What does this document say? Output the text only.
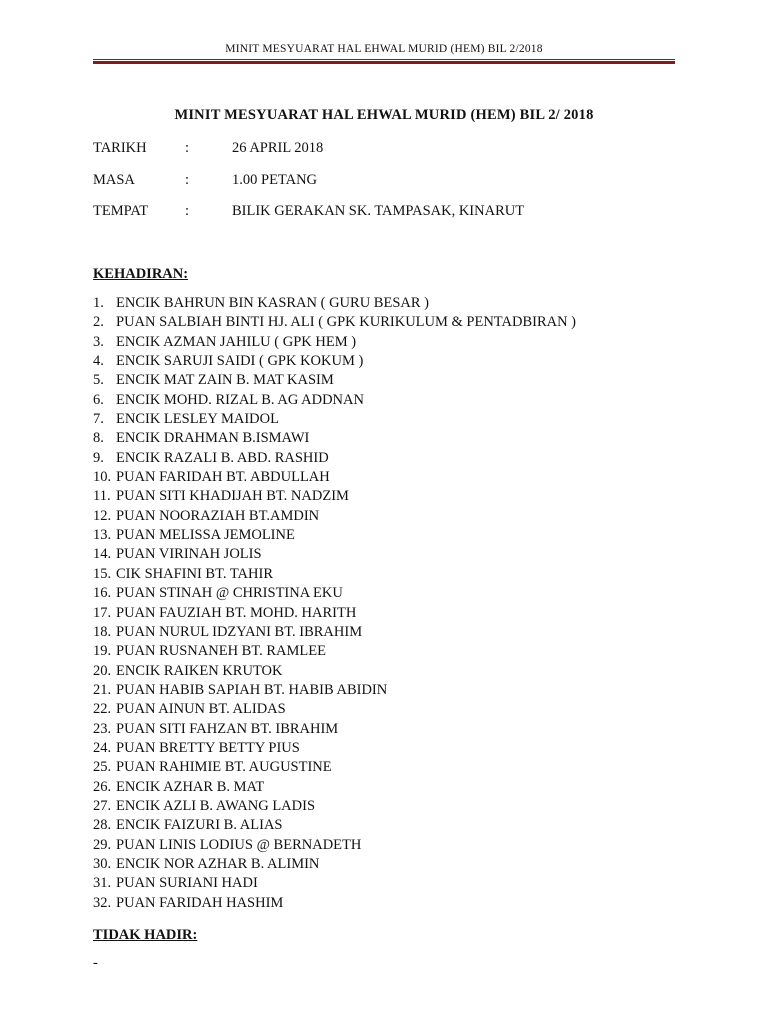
MINIT MESYUARAT HAL EHWAL MURID (HEM) BIL 2/2018
MINIT MESYUARAT HAL EHWAL MURID (HEM) BIL 2/ 2018
TARIKH	:	26 APRIL 2018
MASA	:	1.00 PETANG
TEMPAT	:	BILIK GERAKAN SK. TAMPASAK, KINARUT
KEHADIRAN:
1. ENCIK BAHRUN BIN KASRAN ( GURU BESAR )
2. PUAN SALBIAH BINTI HJ. ALI ( GPK KURIKULUM & PENTADBIRAN )
3. ENCIK AZMAN JAHILU ( GPK HEM )
4. ENCIK SARUJI SAIDI ( GPK KOKUM )
5. ENCIK MAT ZAIN B. MAT KASIM
6. ENCIK MOHD. RIZAL B. AG ADDNAN
7. ENCIK LESLEY MAIDOL
8. ENCIK DRAHMAN B.ISMAWI
9. ENCIK RAZALI B. ABD. RASHID
10. PUAN FARIDAH BT. ABDULLAH
11. PUAN SITI KHADIJAH BT. NADZIM
12. PUAN NOORAZIAH BT.AMDIN
13. PUAN MELISSA JEMOLINE
14. PUAN VIRINAH JOLIS
15. CIK SHAFINI BT. TAHIR
16. PUAN STINAH @ CHRISTINA EKU
17. PUAN FAUZIAH BT. MOHD. HARITH
18. PUAN NURUL IDZYANI BT. IBRAHIM
19. PUAN RUSNANEH BT. RAMLEE
20. ENCIK RAIKEN KRUTOK
21. PUAN HABIB SAPIAH BT. HABIB ABIDIN
22. PUAN AINUN BT. ALIDAS
23. PUAN SITI FAHZAN BT. IBRAHIM
24. PUAN BRETTY BETTY PIUS
25. PUAN RAHIMIE BT. AUGUSTINE
26. ENCIK AZHAR B. MAT
27. ENCIK AZLI B. AWANG LADIS
28. ENCIK FAIZURI B. ALIAS
29. PUAN LINIS LODIUS @ BERNADETH
30. ENCIK NOR AZHAR B. ALIMIN
31. PUAN SURIANI HADI
32. PUAN FARIDAH HASHIM
TIDAK HADIR:
-
